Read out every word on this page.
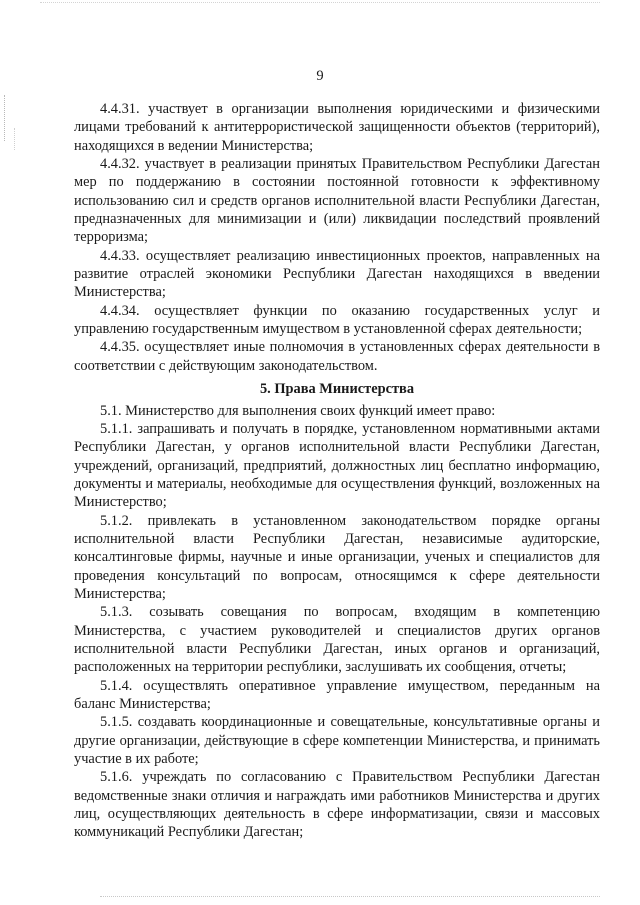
9

4.4.31. участвует в организации выполнения юридическими и физическими лицами требований к антитеррористической защищенности объектов (территорий), находящихся в ведении Министерства;

4.4.32. участвует в реализации принятых Правительством Республики Дагестан мер по поддержанию в состоянии постоянной готовности к эффективному использованию сил и средств органов исполнительной власти Республики Дагестан, предназначенных для минимизации и (или) ликвидации последствий проявлений терроризма;

4.4.33. осуществляет реализацию инвестиционных проектов, направленных на развитие отраслей экономики Республики Дагестан находящихся в введении Министерства;

4.4.34. осуществляет функции по оказанию государственных услуг и управлению государственным имуществом в установленной сферах деятельности;

4.4.35. осуществляет иные полномочия в установленных сферах деятельности в соответствии с действующим законодательством.

5. Права Министерства

5.1. Министерство для выполнения своих функций имеет право:

5.1.1. запрашивать и получать в порядке, установленном нормативными актами Республики Дагестан, у органов исполнительной власти Республики Дагестан, учреждений, организаций, предприятий, должностных лиц бесплатно информацию, документы и материалы, необходимые для осуществления функций, возложенных на Министерство;

5.1.2. привлекать в установленном законодательством порядке органы исполнительной власти Республики Дагестан, независимые аудиторские, консалтинговые фирмы, научные и иные организации, ученых и специалистов для проведения консультаций по вопросам, относящимся к сфере деятельности Министерства;

5.1.3. созывать совещания по вопросам, входящим в компетенцию Министерства, с участием руководителей и специалистов других органов исполнительной власти Республики Дагестан, иных органов и организаций, расположенных на территории республики, заслушивать их сообщения, отчеты;

5.1.4. осуществлять оперативное управление имуществом, переданным на баланс Министерства;

5.1.5. создавать координационные и совещательные, консультативные органы и другие организации, действующие в сфере компетенции Министерства, и принимать участие в их работе;

5.1.6. учреждать по согласованию с Правительством Республики Дагестан ведомственные знаки отличия и награждать ими работников Министерства и других лиц, осуществляющих деятельность в сфере информатизации, связи и массовых коммуникаций Республики Дагестан;
